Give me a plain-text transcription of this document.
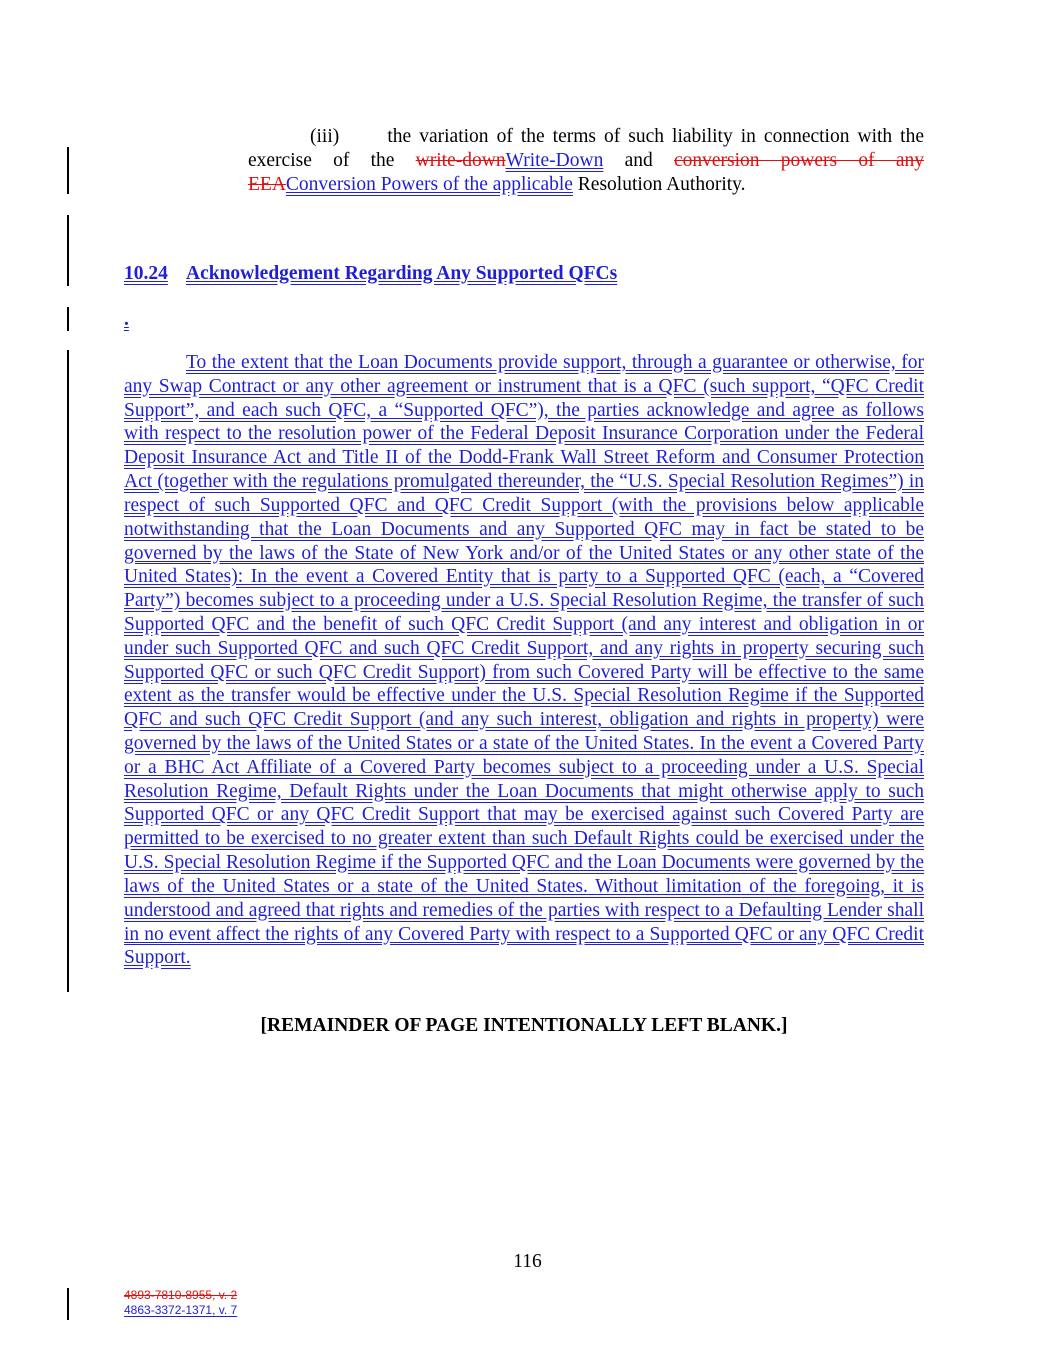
(iii) the variation of the terms of such liability in connection with the exercise of the write-downWrite-Down and conversion powers of any EEAConversion Powers of the applicable Resolution Authority.
10.24 Acknowledgement Regarding Any Supported QFCs
.
To the extent that the Loan Documents provide support, through a guarantee or otherwise, for any Swap Contract or any other agreement or instrument that is a QFC (such support, “QFC Credit Support”, and each such QFC, a “Supported QFC”), the parties acknowledge and agree as follows with respect to the resolution power of the Federal Deposit Insurance Corporation under the Federal Deposit Insurance Act and Title II of the Dodd-Frank Wall Street Reform and Consumer Protection Act (together with the regulations promulgated thereunder, the “U.S. Special Resolution Regimes”) in respect of such Supported QFC and QFC Credit Support (with the provisions below applicable notwithstanding that the Loan Documents and any Supported QFC may in fact be stated to be governed by the laws of the State of New York and/or of the United States or any other state of the United States): In the event a Covered Entity that is party to a Supported QFC (each, a “Covered Party”) becomes subject to a proceeding under a U.S. Special Resolution Regime, the transfer of such Supported QFC and the benefit of such QFC Credit Support (and any interest and obligation in or under such Supported QFC and such QFC Credit Support, and any rights in property securing such Supported QFC or such QFC Credit Support) from such Covered Party will be effective to the same extent as the transfer would be effective under the U.S. Special Resolution Regime if the Supported QFC and such QFC Credit Support (and any such interest, obligation and rights in property) were governed by the laws of the United States or a state of the United States. In the event a Covered Party or a BHC Act Affiliate of a Covered Party becomes subject to a proceeding under a U.S. Special Resolution Regime, Default Rights under the Loan Documents that might otherwise apply to such Supported QFC or any QFC Credit Support that may be exercised against such Covered Party are permitted to be exercised to no greater extent than such Default Rights could be exercised under the U.S. Special Resolution Regime if the Supported QFC and the Loan Documents were governed by the laws of the United States or a state of the United States. Without limitation of the foregoing, it is understood and agreed that rights and remedies of the parties with respect to a Defaulting Lender shall in no event affect the rights of any Covered Party with respect to a Supported QFC or any QFC Credit Support.
[REMAINDER OF PAGE INTENTIONALLY LEFT BLANK.]
116
4893-7810-8955, v. 2
4863-3372-1371, v. 7
